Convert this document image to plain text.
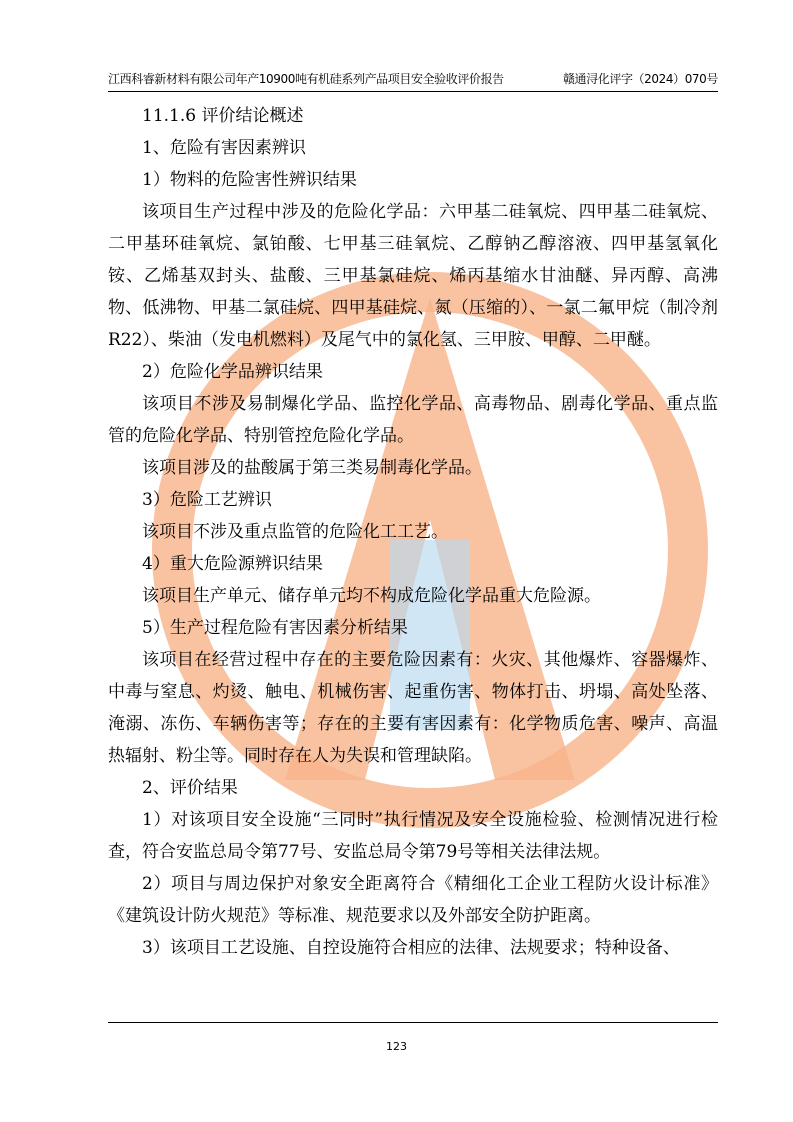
江西科睿新材料有限公司年产10900吨有机硅系列产品项目安全验收评价报告	赣通浔化评字（2024）070号

11.1.6 评价结论概述

1、危险有害因素辨识

1）物料的危险害性辨识结果

该项目生产过程中涉及的危险化学品：六甲基二硅氧烷、四甲基二硅氧烷、二甲基环硅氧烷、氯铂酸、七甲基三硅氧烷、乙醇钠乙醇溶液、四甲基氢氧化铵、乙烯基双封头、盐酸、三甲基氯硅烷、烯丙基缩水甘油醚、异丙醇、高沸物、低沸物、甲基二氯硅烷、四甲基硅烷、氮（压缩的）、一氯二氟甲烷（制冷剂R22）、柴油（发电机燃料）及尾气中的氯化氢、三甲胺、甲醇、二甲醚。

2）危险化学品辨识结果

该项目不涉及易制爆化学品、监控化学品、高毒物品、剧毒化学品、重点监管的危险化学品、特别管控危险化学品。

该项目涉及的盐酸属于第三类易制毒化学品。

3）危险工艺辨识

该项目不涉及重点监管的危险化工工艺。

4）重大危险源辨识结果

该项目生产单元、储存单元均不构成危险化学品重大危险源。

5）生产过程危险有害因素分析结果

该项目在经营过程中存在的主要危险因素有：火灾、其他爆炸、容器爆炸、中毒与窒息、灼烫、触电、机械伤害、起重伤害、物体打击、坍塌、高处坠落、淹溺、冻伤、车辆伤害等；存在的主要有害因素有：化学物质危害、噪声、高温热辐射、粉尘等。同时存在人为失误和管理缺陷。

2、评价结果

1）对该项目安全设施“三同时”执行情况及安全设施检验、检测情况进行检查，符合安监总局令第77号、安监总局令第79号等相关法律法规。

2）项目与周边保护对象安全距离符合《精细化工企业工程防火设计标准》《建筑设计防火规范》等标准、规范要求以及外部安全防护距离。

3）该项目工艺设施、自控设施符合相应的法律、法规要求；特种设备、

123
